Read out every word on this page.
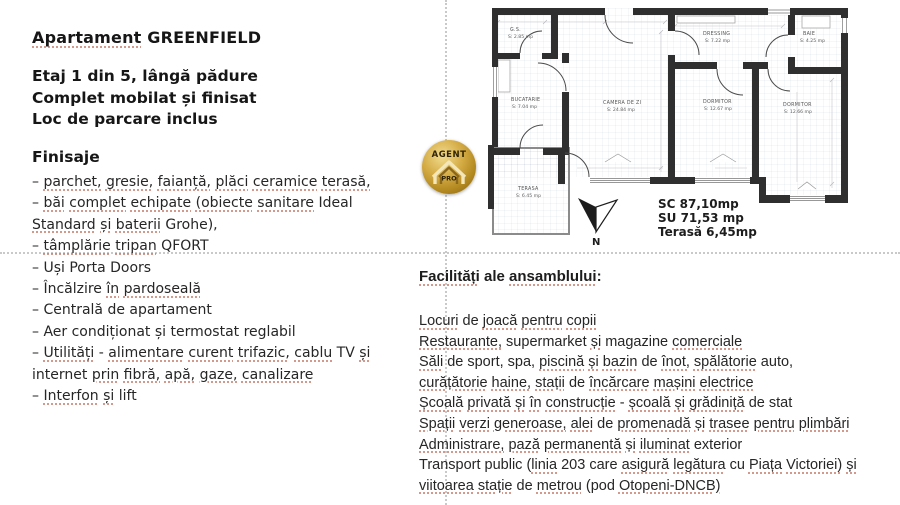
Apartament GREENFIELD
Etaj 1 din 5, lângă pădure
Complet mobilat și finisat
Loc de parcare inclus
Finisaje
– parchet, gresie, faianță, plăci ceramice terasă,
– băi complet echipate (obiecte sanitare Ideal
Standard și baterii Grohe),
– tâmplărie tripan QFORT
– Uși Porta Doors
– Încălzire în pardoseală
– Centrală de apartament
– Aer condiționat și termostat reglabil
– Utilități - alimentare curent trifazic, cablu TV și
internet prin fibră, apă, gaze, canalizare
– Interfon și lift
Facilități ale ansamblului:
Locuri de joacă pentru copii
Restaurante, supermarket și magazine comerciale
Săli de sport, spa, piscină și bazin de înot, spălătorie auto,
curățătorie haine, stații de încărcare mașini electrice
Școală privată și în construcție - școală și grădiniță de stat
Spații verzi generoase, alei de promenadă și trasee pentru plimbări
Administrare, pază permanentă și iluminat exterior
Transport public (linia 203 care asigură legătura cu Piața Victoriei) și
viitoarea stație de metrou (pod Otopeni-DNCB)
AGENT
PRO
G.S.
S: 2.85 mp
BUCATARIE
S: 7.04 mp
CAMERA DE ZI
S: 24.84 mp
DRESSING
S: 7.22 mp
BAIE
S: 4.25 mp
DORMITOR
S: 12.67 mp
DORMITOR
S: 12.66 mp
TERASA
S: 6.45 mp
SC 87,10mp
SU 71,53 mp
Terasă 6,45mp
N
